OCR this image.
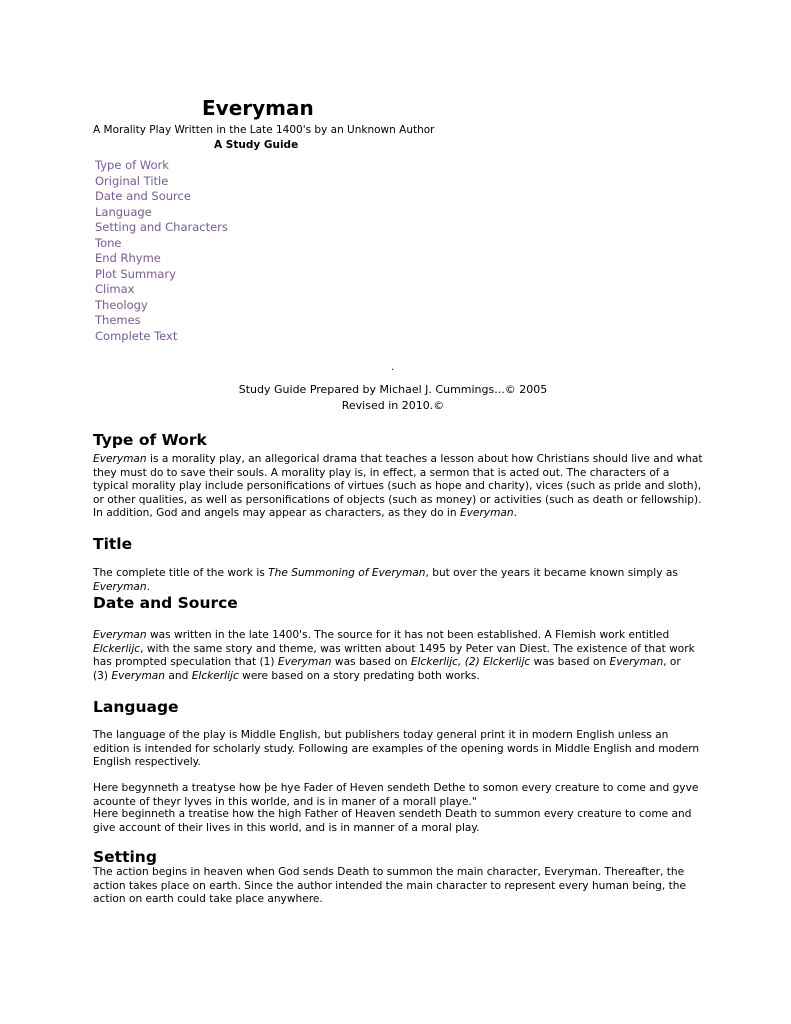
Everyman
A Morality Play Written in the Late 1400's by an Unknown Author
A Study Guide
Type of Work
Original Title
Date and Source
Language
Setting and Characters
Tone
End Rhyme
Plot Summary
Climax
Theology
Themes
Complete Text
.
Study Guide Prepared by Michael J. Cummings...© 2005
Revised in 2010.©
Type of Work

Everyman is a morality play, an allegorical drama that teaches a lesson about how Christians should live and what they must do to save their souls. A morality play is, in effect, a sermon that is acted out. The characters of a typical morality play include personifications of virtues (such as hope and charity), vices (such as pride and sloth), or other qualities, as well as personifications of objects (such as money) or activities (such as death or fellowship). In addition, God and angels may appear as characters, as they do in Everyman.

Title

The complete title of the work is The Summoning of Everyman, but over the years it became known simply as Everyman.

Date and Source

Everyman was written in the late 1400's. The source for it has not been established. A Flemish work entitled Elckerlijc, with the same story and theme, was written about 1495 by Peter van Diest. The existence of that work has prompted speculation that (1) Everyman was based on Elckerlijc, (2) Elckerlijc was based on Everyman, or
(3) Everyman and Elckerlijc were based on a story predating both works.

Language

The language of the play is Middle English, but publishers today general print it in modern English unless an edition is intended for scholarly study. Following are examples of the opening words in Middle English and modern English respectively.

Here begynneth a treatyse how þe hye Fader of Heven sendeth Dethe to somon every creature to come and gyve acounte of theyr lyves in this worlde, and is in maner of a morall playe."

Here beginneth a treatise how the high Father of Heaven sendeth Death to summon every creature to come and give account of their lives in this world, and is in manner of a moral play.

Setting

The action begins in heaven when God sends Death to summon the main character, Everyman. Thereafter, the action takes place on earth. Since the author intended the main character to represent every human being, the action on earth could take place anywhere.
